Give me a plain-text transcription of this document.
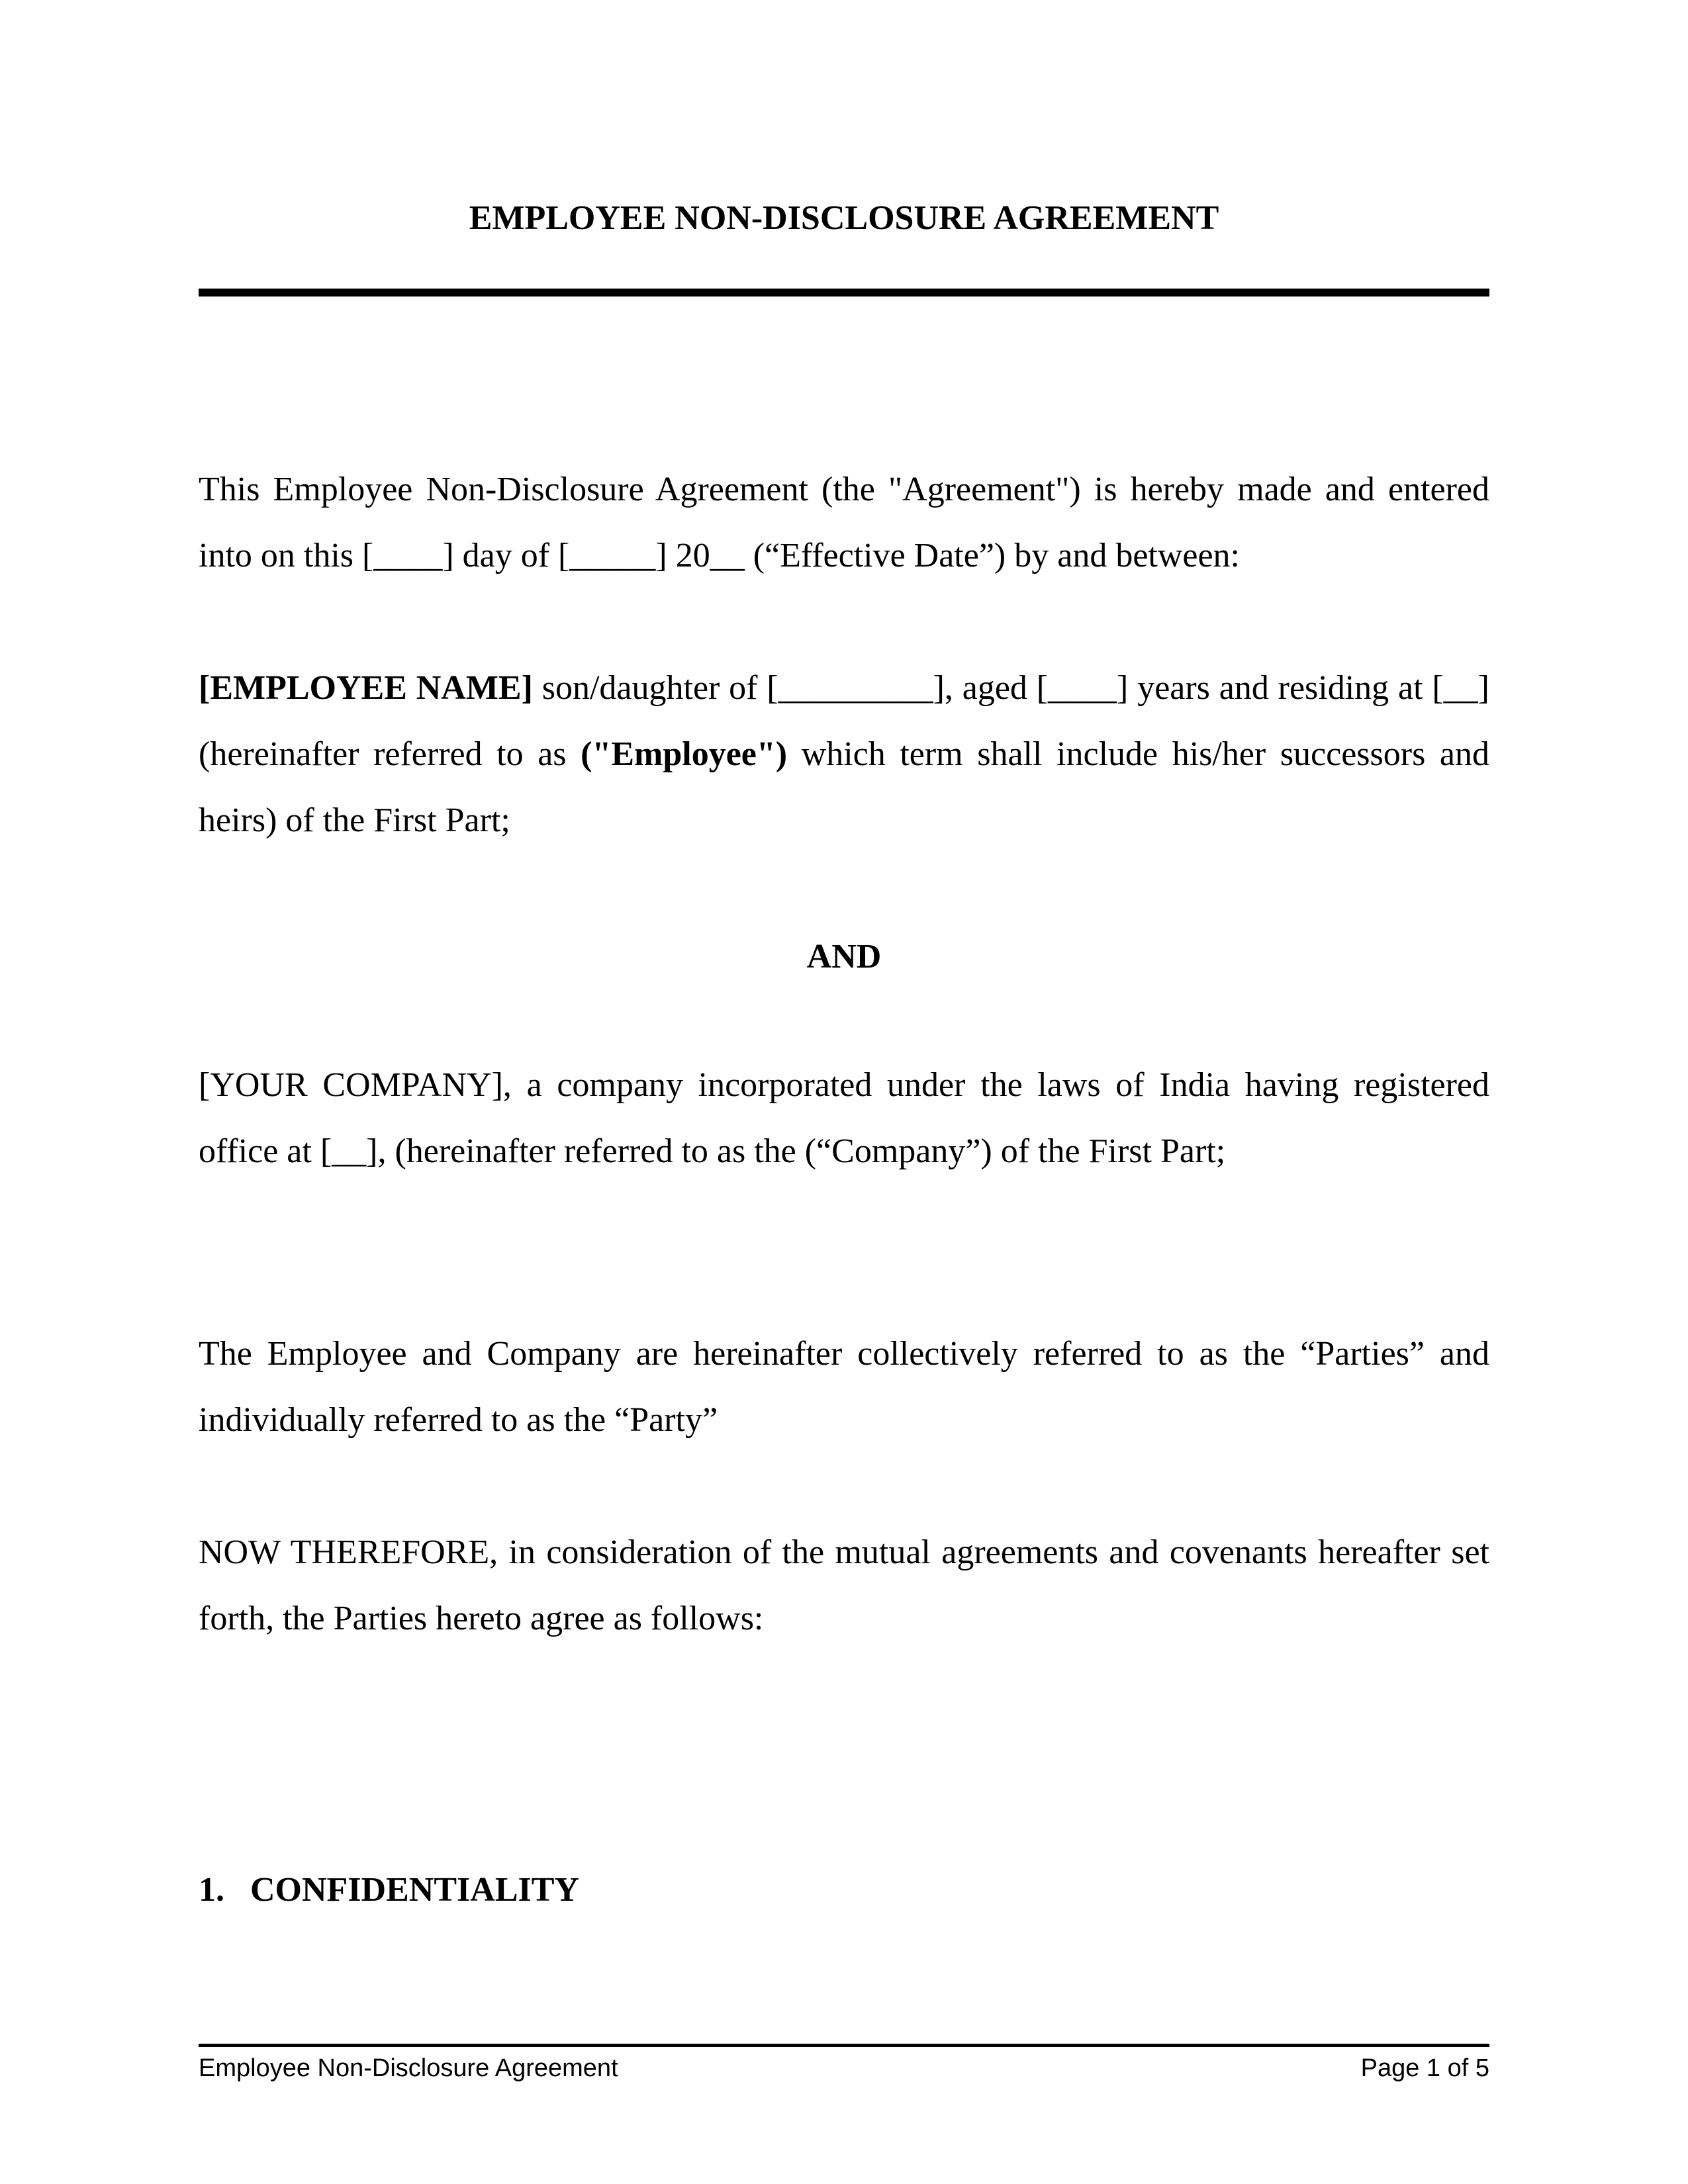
EMPLOYEE NON-DISCLOSURE AGREEMENT

This Employee Non-Disclosure Agreement (the "Agreement") is hereby made and entered into on this [____] day of [_____] 20__ (“Effective Date”) by and between:

[EMPLOYEE NAME] son/daughter of [_________], aged [____] years and residing at [__] (hereinafter referred to as ("Employee") which term shall include his/her successors and heirs) of the First Part;

AND

[YOUR COMPANY], a company incorporated under the laws of India having registered office at [__], (hereinafter referred to as the (“Company”) of the First Part;

The Employee and Company are hereinafter collectively referred to as the “Parties” and individually referred to as the “Party”

NOW THEREFORE, in consideration of the mutual agreements and covenants hereafter set forth, the Parties hereto agree as follows:

1. CONFIDENTIALITY
Employee Non-Disclosure Agreement	Page 1 of 5
